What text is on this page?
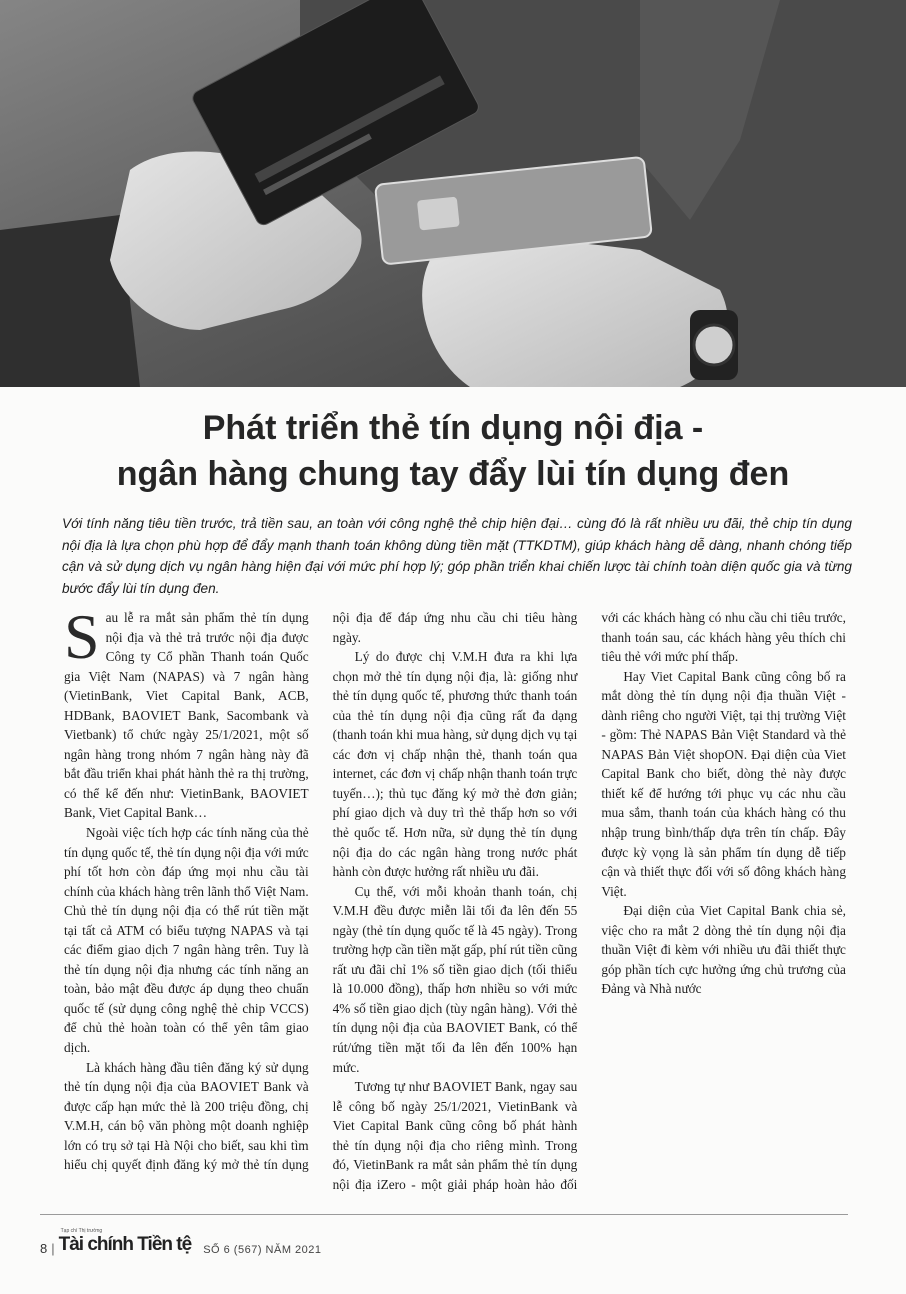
Phát triển thẻ tín dụng nội địa -
ngân hàng chung tay đẩy lùi tín dụng đen
Với tính năng tiêu tiền trước, trả tiền sau, an toàn với công nghệ thẻ chip hiện đại… cùng đó là rất nhiều ưu đãi, thẻ chip tín dụng nội địa là lựa chọn phù hợp để đẩy mạnh thanh toán không dùng tiền mặt (TTKDTM), giúp khách hàng dễ dàng, nhanh chóng tiếp cận và sử dụng dịch vụ ngân hàng hiện đại với mức phí hợp lý; góp phần triển khai chiến lược tài chính toàn diện quốc gia và từng bước đẩy lùi tín dụng đen.

Sau lễ ra mắt sản phẩm thẻ tín dụng nội địa và thẻ trả trước nội địa được Công ty Cổ phần Thanh toán Quốc gia Việt Nam (NAPAS) và 7 ngân hàng (VietinBank, Viet Capital Bank, ACB, HDBank, BAOVIET Bank, Sacombank và Vietbank) tổ chức ngày 25/1/2021, một số ngân hàng trong nhóm 7 ngân hàng này đã bắt đầu triển khai phát hành thẻ ra thị trường, có thể kể đến như: VietinBank, BAOVIET Bank, Viet Capital Bank…

Ngoài việc tích hợp các tính năng của thẻ tín dụng quốc tế, thẻ tín dụng nội địa với mức phí tốt hơn còn đáp ứng mọi nhu cầu tài chính của khách hàng trên lãnh thổ Việt Nam. Chủ thẻ tín dụng nội địa có thể rút tiền mặt tại tất cả ATM có biểu tượng NAPAS và tại các điểm giao dịch 7 ngân hàng trên. Tuy là thẻ tín dụng nội địa nhưng các tính năng an toàn, bảo mật đều được áp dụng theo chuẩn quốc tế (sử dụng công nghệ thẻ chip VCCS) để chủ thẻ hoàn toàn có thể yên tâm giao dịch.

Là khách hàng đầu tiên đăng ký sử dụng thẻ tín dụng nội địa của BAOVIET Bank và được cấp hạn mức thẻ là 200 triệu đồng, chị V.M.H, cán bộ văn phòng một doanh nghiệp lớn có trụ sở tại Hà Nội cho biết, sau khi tìm hiểu chị quyết định đăng ký mở thẻ tín dụng nội địa để đáp ứng nhu cầu chi tiêu hàng ngày.

Lý do được chị V.M.H đưa ra khi lựa chọn mở thẻ tín dụng nội địa, là: giống như thẻ tín dụng quốc tế, phương thức thanh toán của thẻ tín dụng nội địa cũng rất đa dạng (thanh toán khi mua hàng, sử dụng dịch vụ tại các đơn vị chấp nhận thẻ, thanh toán qua internet, các đơn vị chấp nhận thanh toán trực tuyến…); thủ tục đăng ký mở thẻ đơn giản; phí giao dịch và duy trì thẻ thấp hơn so với thẻ quốc tế. Hơn nữa, sử dụng thẻ tín dụng nội địa do các ngân hàng trong nước phát hành còn được hưởng rất nhiều ưu đãi.

Cụ thể, với mỗi khoản thanh toán, chị V.M.H đều được miễn lãi tối đa lên đến 55 ngày (thẻ tín dụng quốc tế là 45 ngày). Trong trường hợp cần tiền mặt gấp, phí rút tiền cũng rất ưu đãi chỉ 1% số tiền giao dịch (tối thiểu là 10.000 đồng), thấp hơn nhiều so với mức 4% số tiền giao dịch (tùy ngân hàng). Với thẻ tín dụng nội địa của BAOVIET Bank, có thể rút/ứng tiền mặt tối đa lên đến 100% hạn mức.

Tương tự như BAOVIET Bank, ngay sau lễ công bố ngày 25/1/2021, VietinBank và Viet Capital Bank cũng công bố phát hành thẻ tín dụng nội địa cho riêng mình. Trong đó, VietinBank ra mắt sản phẩm thẻ tín dụng nội địa iZero - một giải pháp hoàn hảo đối với các khách hàng có nhu cầu chi tiêu trước, thanh toán sau, các khách hàng yêu thích chi tiêu thẻ với mức phí thấp.

Hay Viet Capital Bank cũng công bố ra mắt dòng thẻ tín dụng nội địa thuần Việt - dành riêng cho người Việt, tại thị trường Việt - gồm: Thẻ NAPAS Bản Việt Standard và thẻ NAPAS Bản Việt shopON. Đại diện của Viet Capital Bank cho biết, dòng thẻ này được thiết kế để hướng tới phục vụ các nhu cầu mua sắm, thanh toán của khách hàng có thu nhập trung bình/thấp dựa trên tín chấp. Đây được kỳ vọng là sản phẩm tín dụng dễ tiếp cận và thiết thực đối với số đông khách hàng Việt.

Đại diện của Viet Capital Bank chia sẻ, việc cho ra mắt 2 dòng thẻ tín dụng nội địa thuần Việt đi kèm với nhiều ưu đãi thiết thực góp phần tích cực hưởng ứng chủ trương của Đảng và Nhà nước

8 |
Tạp chí Thị trường
Tài chính Tiền tệ SỐ 6 (567) NĂM 2021
